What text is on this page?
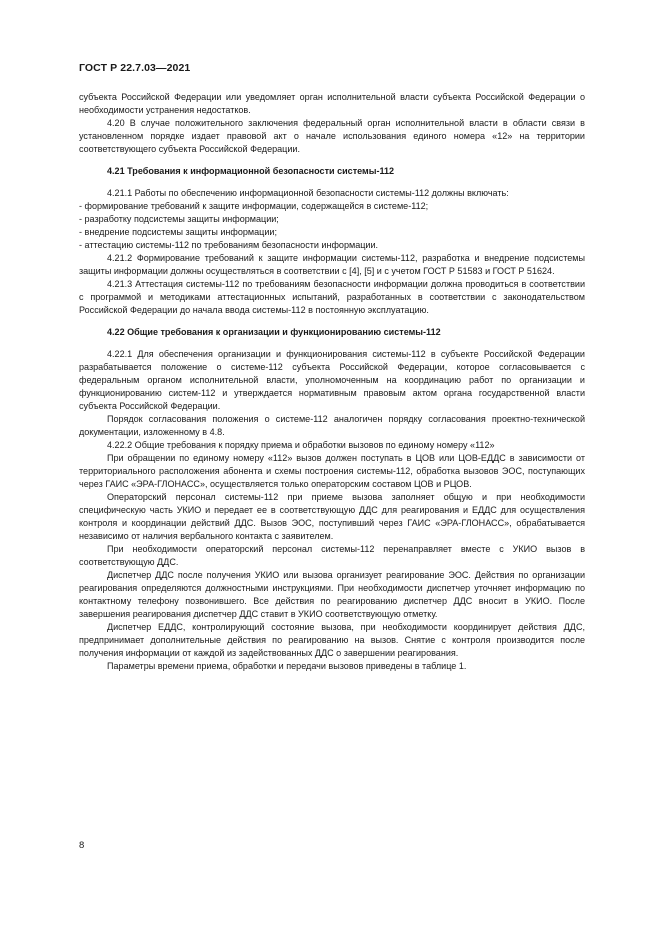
ГОСТ Р 22.7.03—2021

субъекта Российской Федерации или уведомляет орган исполнительной власти субъекта Российской Федерации о необходимости устранения недостатков.

4.20 В случае положительного заключения федеральный орган исполнительной власти в области связи в установленном порядке издает правовой акт о начале использования единого номера «12» на территории соответствующего субъекта Российской Федерации.

4.21 Требования к информационной безопасности системы-112

4.21.1 Работы по обеспечению информационной безопасности системы-112 должны включать:

- формирование требований к защите информации, содержащейся в системе-112;

- разработку подсистемы защиты информации;

- внедрение подсистемы защиты информации;

- аттестацию системы-112 по требованиям безопасности информации.

4.21.2 Формирование требований к защите информации системы-112, разработка и внедрение подсистемы защиты информации должны осуществляться в соответствии с [4], [5] и с учетом ГОСТ Р 51583 и ГОСТ Р 51624.

4.21.3 Аттестация системы-112 по требованиям безопасности информации должна проводиться в соответствии с программой и методиками аттестационных испытаний, разработанных в соответствии с законодательством Российской Федерации до начала ввода системы-112 в постоянную эксплуатацию.

4.22 Общие требования к организации и функционированию системы-112

4.22.1 Для обеспечения организации и функционирования системы-112 в субъекте Российской Федерации разрабатывается положение о системе-112 субъекта Российской Федерации, которое согласовывается с федеральным органом исполнительной власти, уполномоченным на координацию работ по организации и функционированию систем-112 и утверждается нормативным правовым актом органа государственной власти субъекта Российской Федерации.

Порядок согласования положения о системе-112 аналогичен порядку согласования проектно-технической документации, изложенному в 4.8.

4.22.2 Общие требования к порядку приема и обработки вызовов по единому номеру «112»

При обращении по единому номеру «112» вызов должен поступать в ЦОВ или ЦОВ-ЕДДС в зависимости от территориального расположения абонента и схемы построения системы-112, обработка вызовов ЭОС, поступающих через ГАИС «ЭРА-ГЛОНАСС», осуществляется только операторским составом ЦОВ и РЦОВ.

Операторский персонал системы-112 при приеме вызова заполняет общую и при необходимости специфическую часть УКИО и передает ее в соответствующую ДДС для реагирования и ЕДДС для осуществления контроля и координации действий ДДС. Вызов ЭОС, поступивший через ГАИС «ЭРА-ГЛОНАСС», обрабатывается независимо от наличия вербального контакта с заявителем.

При необходимости операторский персонал системы-112 перенаправляет вместе с УКИО вызов в соответствующую ДДС.

Диспетчер ДДС после получения УКИО или вызова организует реагирование ЭОС. Действия по организации реагирования определяются должностными инструкциями. При необходимости диспетчер уточняет информацию по контактному телефону позвонившего. Все действия по реагированию диспетчер ДДС вносит в УКИО. После завершения реагирования диспетчер ДДС ставит в УКИО соответствующую отметку.

Диспетчер ЕДДС, контролирующий состояние вызова, при необходимости координирует действия ДДС, предпринимает дополнительные действия по реагированию на вызов. Снятие с контроля производится после получения информации от каждой из задействованных ДДС о завершении реагирования.

Параметры времени приема, обработки и передачи вызовов приведены в таблице 1.

8
